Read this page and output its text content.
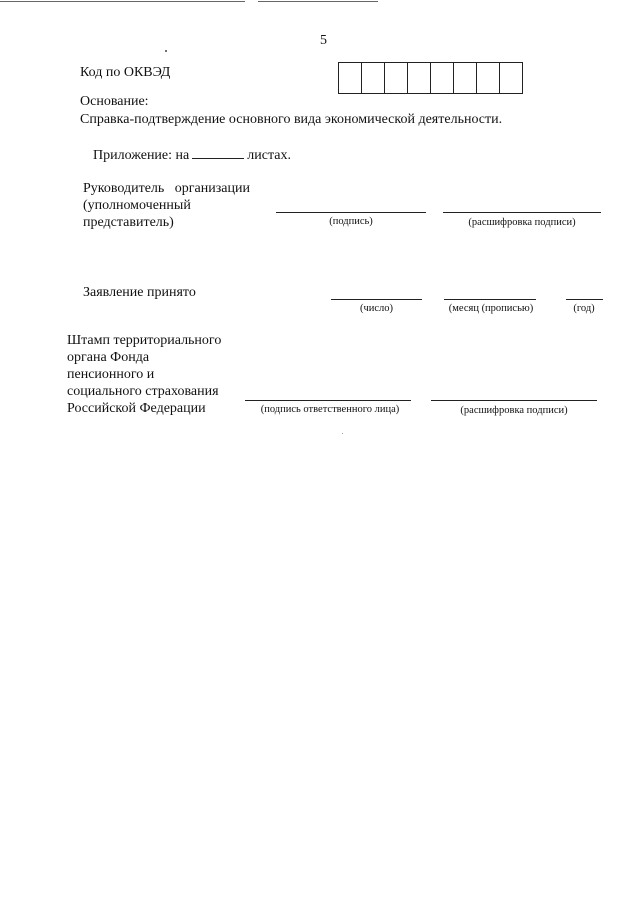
5
Код по ОКВЭД
Основание:
Справка-подтверждение основного вида экономической деятельности.
Приложение: на	листах.
Руководитель   организации
(уполномоченный
представитель)	(подпись)	(расшифровка подписи)
Заявление принято
(число)	(месяц (прописью)	(год)
Штамп территориального
органа Фонда
пенсионного и
социального страхования
Российской Федерации	(подпись ответственного лица)	(расшифровка подписи)
